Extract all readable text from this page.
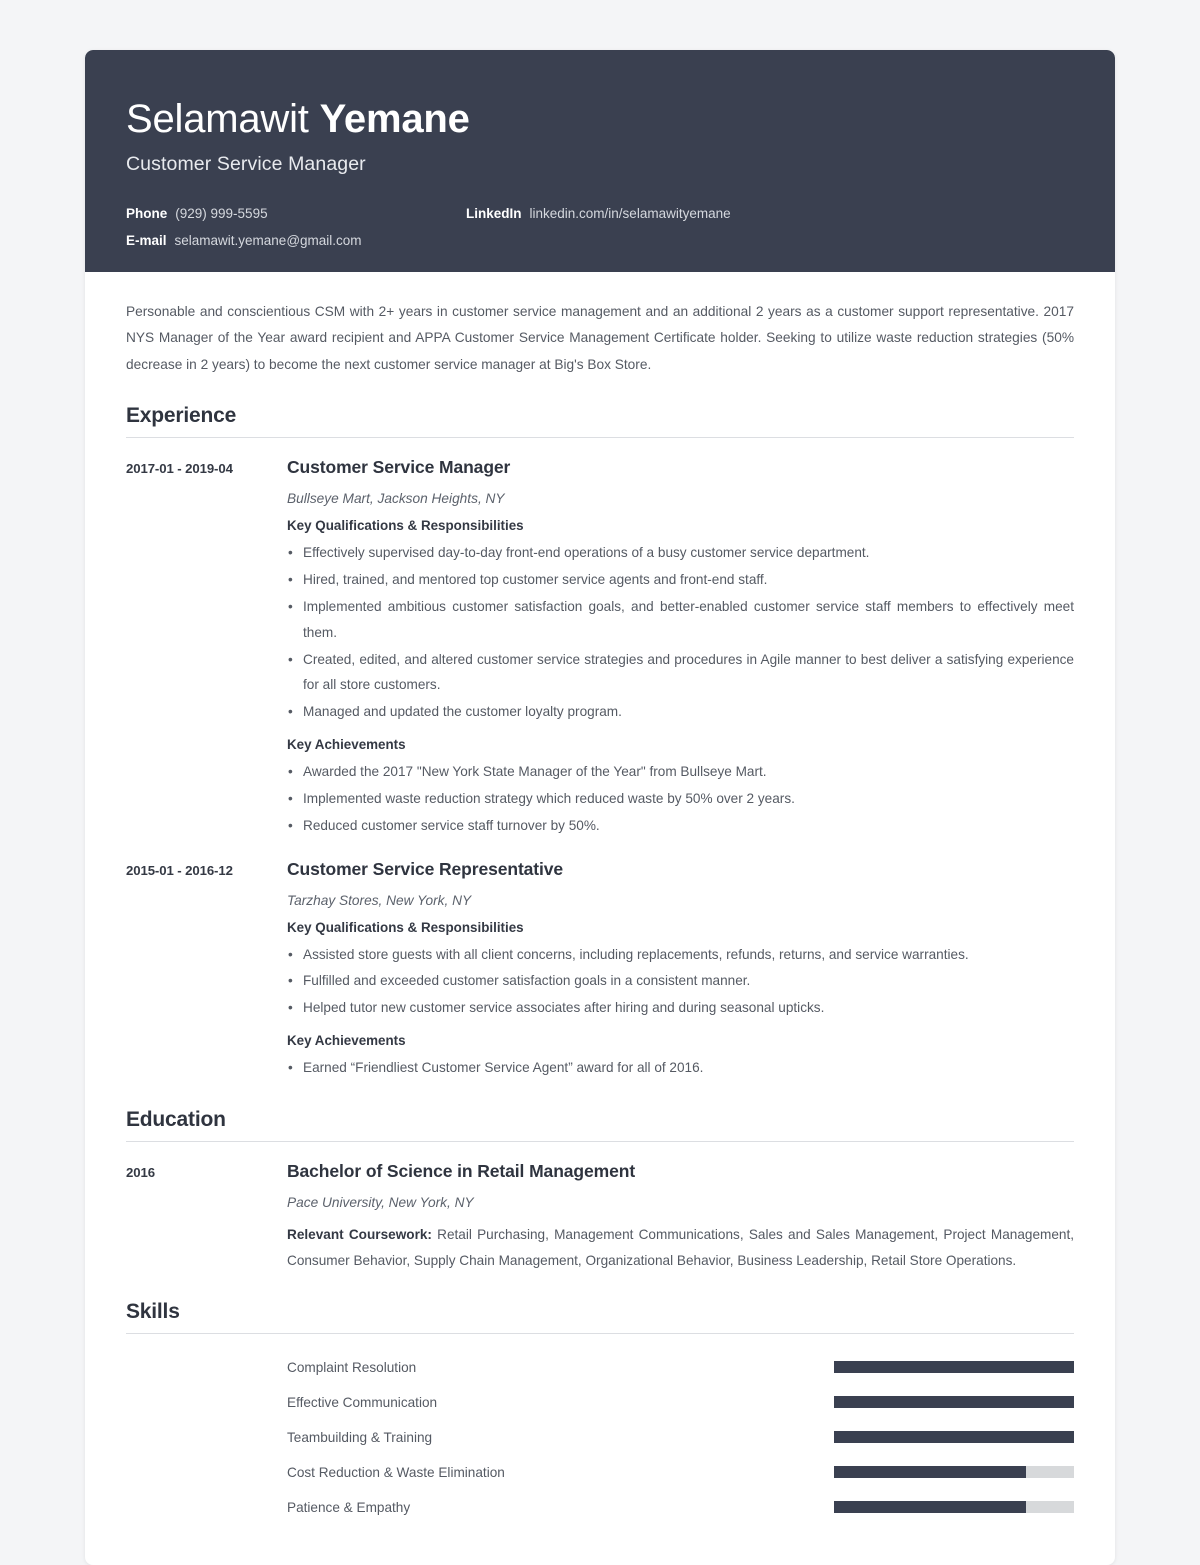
Selamawit Yemane
Customer Service Manager
Phone (929) 999-5595	LinkedIn linkedin.com/in/selamawityemane
E-mail selamawit.yemane@gmail.com
Personable and conscientious CSM with 2+ years in customer service management and an additional 2 years as a customer support representative. 2017 NYS Manager of the Year award recipient and APPA Customer Service Management Certificate holder. Seeking to utilize waste reduction strategies (50% decrease in 2 years) to become the next customer service manager at Big's Box Store.
Experience
2017-01 - 2019-04	Customer Service Manager
Bullseye Mart, Jackson Heights, NY
Key Qualifications & Responsibilities
• Effectively supervised day-to-day front-end operations of a busy customer service department.
• Hired, trained, and mentored top customer service agents and front-end staff.
• Implemented ambitious customer satisfaction goals, and better-enabled customer service staff members to effectively meet them.
• Created, edited, and altered customer service strategies and procedures in Agile manner to best deliver a satisfying experience for all store customers.
• Managed and updated the customer loyalty program.
Key Achievements
• Awarded the 2017 "New York State Manager of the Year" from Bullseye Mart.
• Implemented waste reduction strategy which reduced waste by 50% over 2 years.
• Reduced customer service staff turnover by 50%.
2015-01 - 2016-12	Customer Service Representative
Tarzhay Stores, New York, NY
Key Qualifications & Responsibilities
• Assisted store guests with all client concerns, including replacements, refunds, returns, and service warranties.
• Fulfilled and exceeded customer satisfaction goals in a consistent manner.
• Helped tutor new customer service associates after hiring and during seasonal upticks.
Key Achievements
• Earned “Friendliest Customer Service Agent” award for all of 2016.
Education
2016	Bachelor of Science in Retail Management
Pace University, New York, NY
Relevant Coursework: Retail Purchasing, Management Communications, Sales and Sales Management, Project Management, Consumer Behavior, Supply Chain Management, Organizational Behavior, Business Leadership, Retail Store Operations.
Skills
Complaint Resolution
Effective Communication
Teambuilding & Training
Cost Reduction & Waste Elimination
Patience & Empathy
